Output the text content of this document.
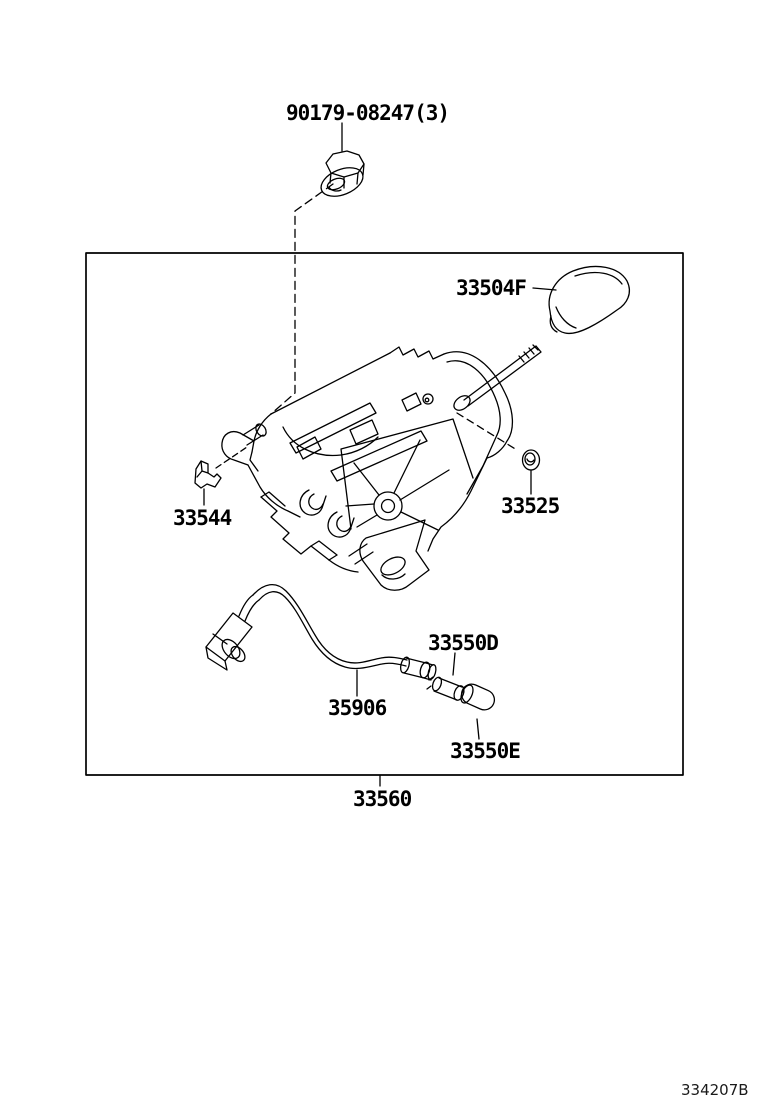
90179-08247(3)
33504F
33544	33525
33550D
35906
33550E
33560
334207B
